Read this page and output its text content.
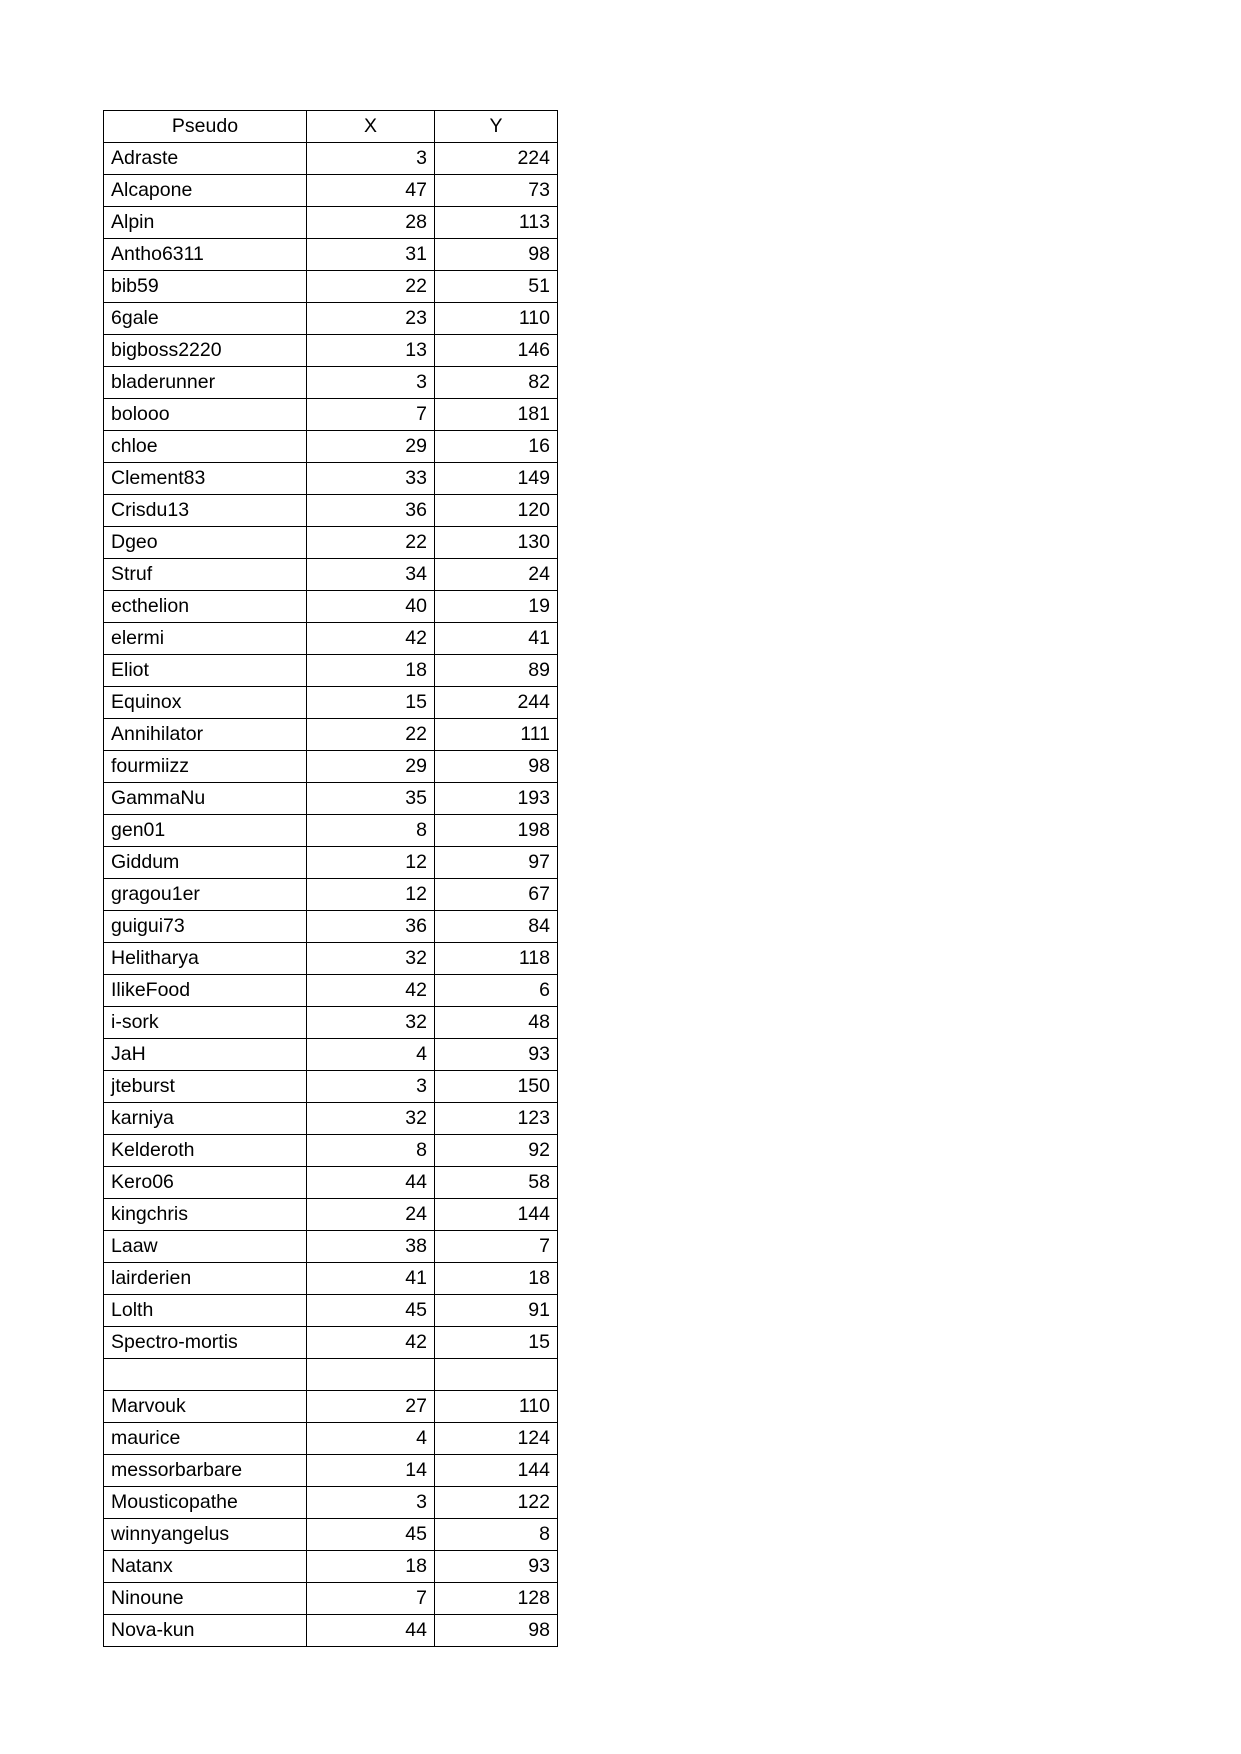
Pseudo	X	Y
Adraste	3	224
Alcapone	47	73
Alpin	28	113
Antho6311	31	98
bib59	22	51
6gale	23	110
bigboss2220	13	146
bladerunner	3	82
bolooo	7	181
chloe	29	16
Clement83	33	149
Crisdu13	36	120
Dgeo	22	130
Struf	34	24
ecthelion	40	19
elermi	42	41
Eliot	18	89
Equinox	15	244
Annihilator	22	111
fourmiizz	29	98
GammaNu	35	193
gen01	8	198
Giddum	12	97
gragou1er	12	67
guigui73	36	84
Helitharya	32	118
IlikeFood	42	6
i-sork	32	48
JaH	4	93
jteburst	3	150
karniya	32	123
Kelderoth	8	92
Kero06	44	58
kingchris	24	144
Laaw	38	7
lairderien	41	18
Lolth	45	91
Spectro-mortis	42	15

Marvouk	27	110
maurice	4	124
messorbarbare	14	144
Mousticopathe	3	122
winnyangelus	45	8
Natanx	18	93
Ninoune	7	128
Nova-kun	44	98
